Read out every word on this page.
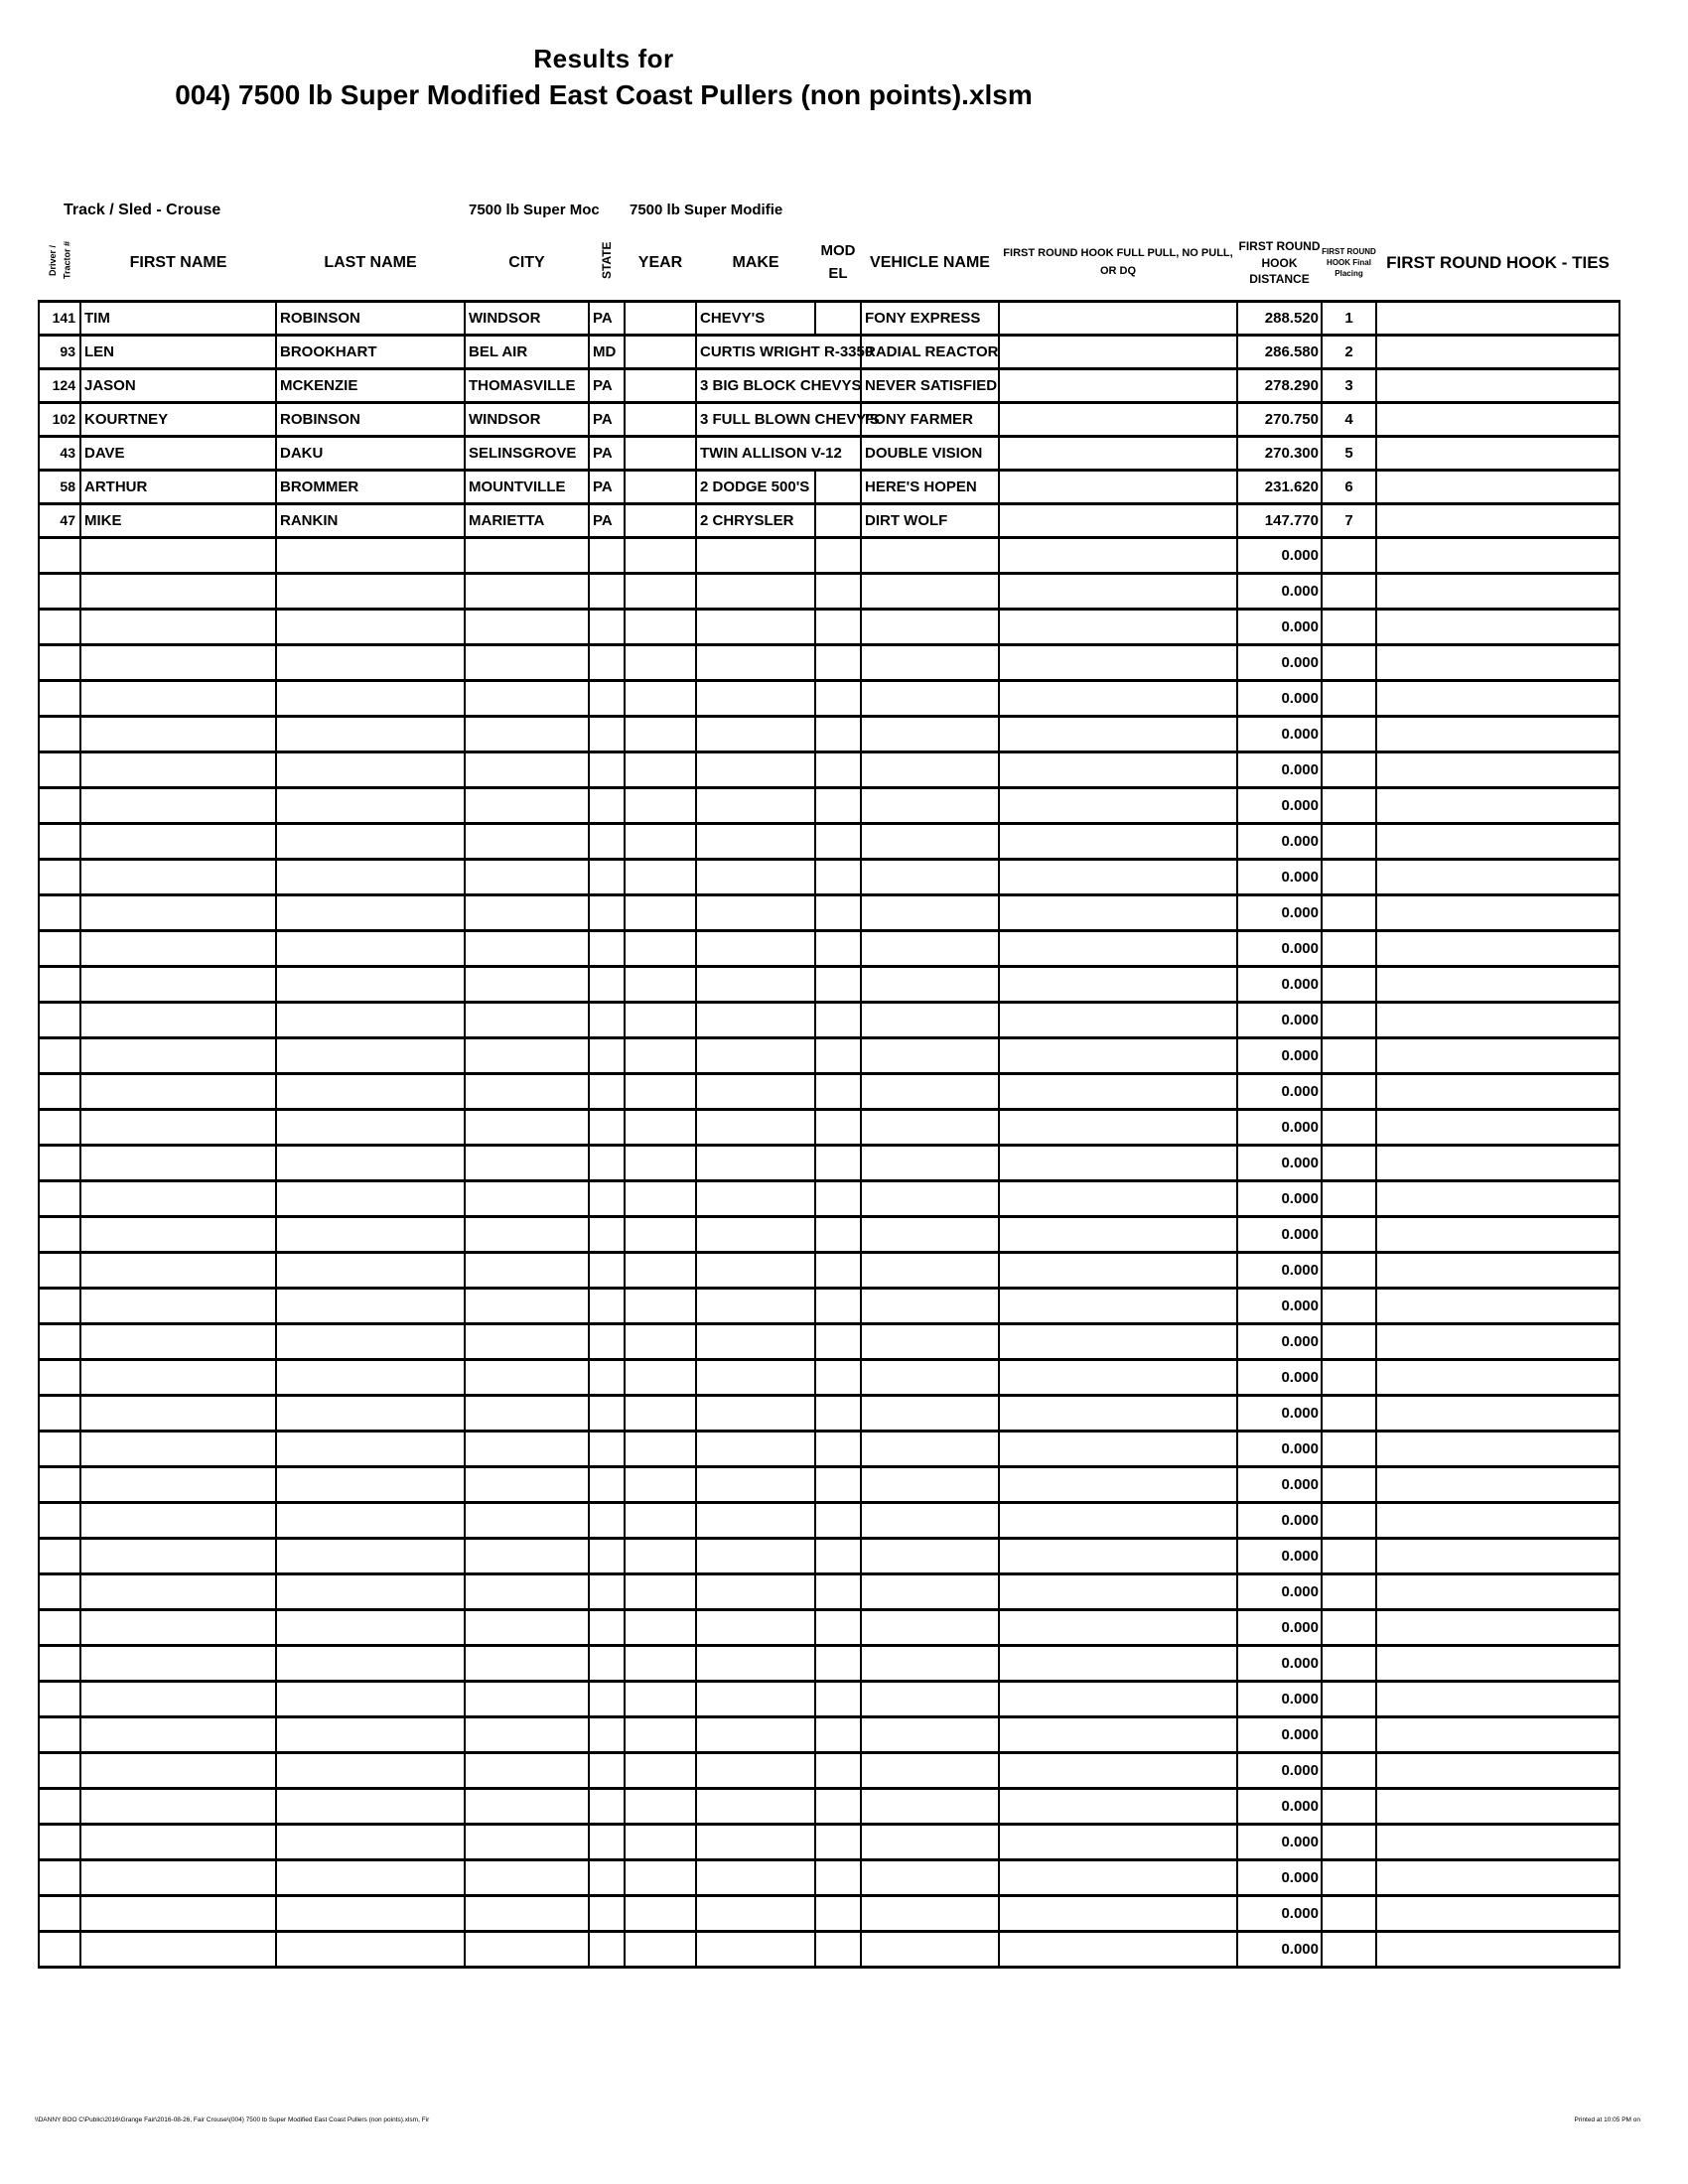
Results for
004) 7500 lb Super Modified East Coast Pullers (non points).xlsm
Track / Sled - Crouse	7500 lb Super Moc	7500 lb Super Modifie
Driver / Tractor #	FIRST NAME	LAST NAME	CITY	STATE	YEAR	MAKE	MOD EL	VEHICLE NAME	FIRST ROUND HOOK FULL PULL, NO PULL, OR DQ	FIRST ROUND HOOK DISTANCE	FIRST ROUND HOOK Final Placing	FIRST ROUND HOOK - TIES
141	TIM	ROBINSON	WINDSOR	PA		CHEVY'S		FONY EXPRESS		288.520	1	
93	LEN	BROOKHART	BEL AIR	MD		CURTIS WRIGHT R-3350		RADIAL REACTOR		286.580	2	
124	JASON	MCKENZIE	THOMASVILLE	PA		3 BIG BLOCK CHEVYS		NEVER SATISFIED		278.290	3	
102	KOURTNEY	ROBINSON	WINDSOR	PA		3 FULL BLOWN CHEVY'S		FONY FARMER		270.750	4	
43	DAVE	DAKU	SELINSGROVE	PA		TWIN ALLISON V-12		DOUBLE VISION		270.300	5	
58	ARTHUR	BROMMER	MOUNTVILLE	PA		2 DODGE 500'S		HERE'S HOPEN		231.620	6	
47	MIKE	RANKIN	MARIETTA	PA		2 CHRYSLER		DIRT WOLF		147.770	7	
										0.000		
										0.000		
										0.000		
										0.000		
										0.000		
										0.000		
										0.000		
										0.000		
										0.000		
										0.000		
										0.000		
										0.000		
										0.000		
										0.000		
										0.000		
										0.000		
										0.000		
										0.000		
										0.000		
										0.000		
										0.000		
										0.000		
										0.000		
										0.000		
										0.000		
										0.000		
										0.000		
										0.000		
										0.000		
										0.000		
										0.000		
										0.000		
										0.000		
										0.000		
										0.000		
										0.000		
										0.000		
										0.000		
										0.000		
										0.000		
\\DANNY BOO C\Public\2016\Grange Fair\2016-08-26, Fair Crouse\(004) 7500 lb Super Modified East Coast Pullers (non points).xlsm, Fir	Printed at 10:05 PM on
